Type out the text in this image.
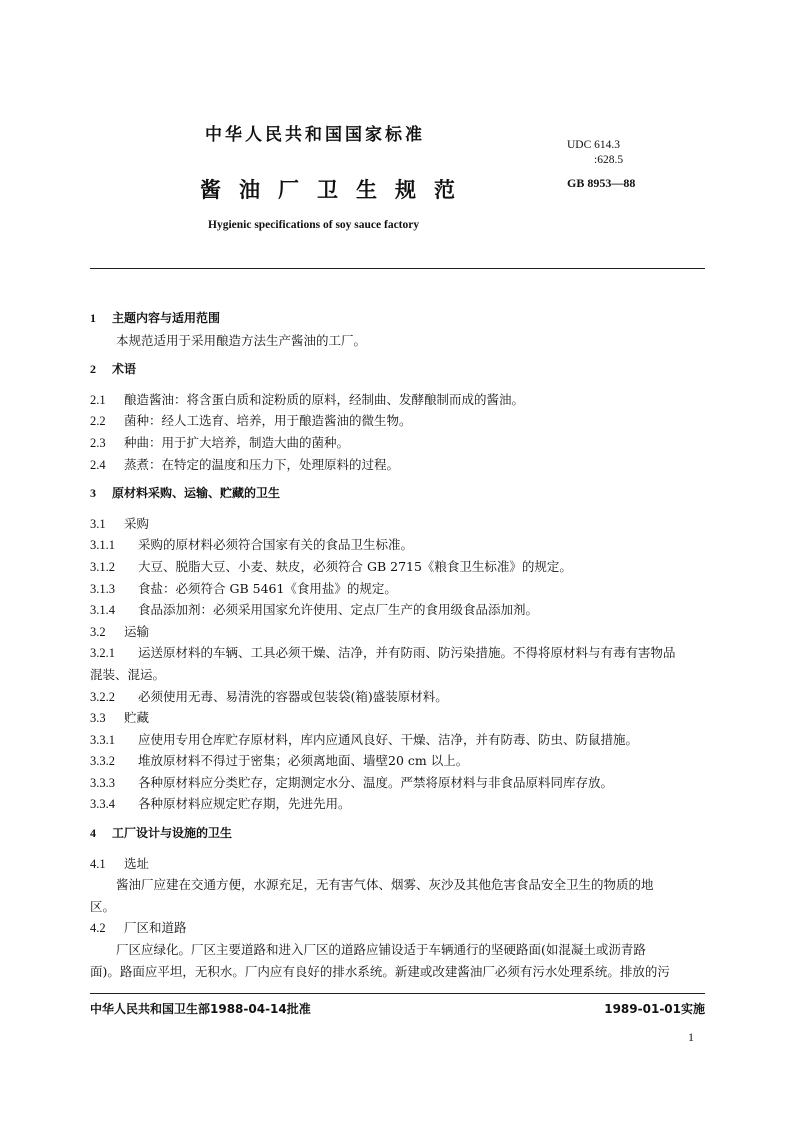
中华人民共和国国家标准
酱油厂卫生规范
Hygienic specifications of soy sauce factory
UDC 614.3
:628.5
GB 8953—88
1 主题内容与适用范围
本规范适用于采用酿造方法生产酱油的工厂。
2 术语
2.1 酿造酱油：将含蛋白质和淀粉质的原料，经制曲、发酵酿制而成的酱油。
2.2 菌种：经人工选育、培养，用于酿造酱油的微生物。
2.3 种曲：用于扩大培养，制造大曲的菌种。
2.4 蒸煮：在特定的温度和压力下，处理原料的过程。
3 原材料采购、运输、贮藏的卫生
3.1 采购
3.1.1 采购的原材料必须符合国家有关的食品卫生标准。
3.1.2 大豆、脱脂大豆、小麦、麸皮，必须符合 GB 2715《粮食卫生标准》的规定。
3.1.3 食盐：必须符合 GB 5461《食用盐》的规定。
3.1.4 食品添加剂：必须采用国家允许使用、定点厂生产的食用级食品添加剂。
3.2 运输
3.2.1 运送原材料的车辆、工具必须干燥、洁净，并有防雨、防污染措施。不得将原材料与有毒有害物品
混装、混运。
3.2.2 必须使用无毒、易清洗的容器或包装袋(箱)盛装原材料。
3.3 贮藏
3.3.1 应使用专用仓库贮存原材料，库内应通风良好、干燥、洁净，并有防毒、防虫、防鼠措施。
3.3.2 堆放原材料不得过于密集；必须离地面、墙壁20 cm 以上。
3.3.3 各种原材料应分类贮存，定期测定水分、温度。严禁将原材料与非食品原料同库存放。
3.3.4 各种原材料应规定贮存期，先进先用。
4 工厂设计与设施的卫生
4.1 选址
酱油厂应建在交通方便，水源充足，无有害气体、烟雾、灰沙及其他危害食品安全卫生的物质的地
区。
4.2 厂区和道路
厂区应绿化。厂区主要道路和进入厂区的道路应铺设适于车辆通行的坚硬路面(如混凝土或沥青路
面)。路面应平坦，无积水。厂内应有良好的排水系统。新建或改建酱油厂必须有污水处理系统。排放的污
中华人民共和国卫生部1988-04-14批准	1989-01-01实施
1
